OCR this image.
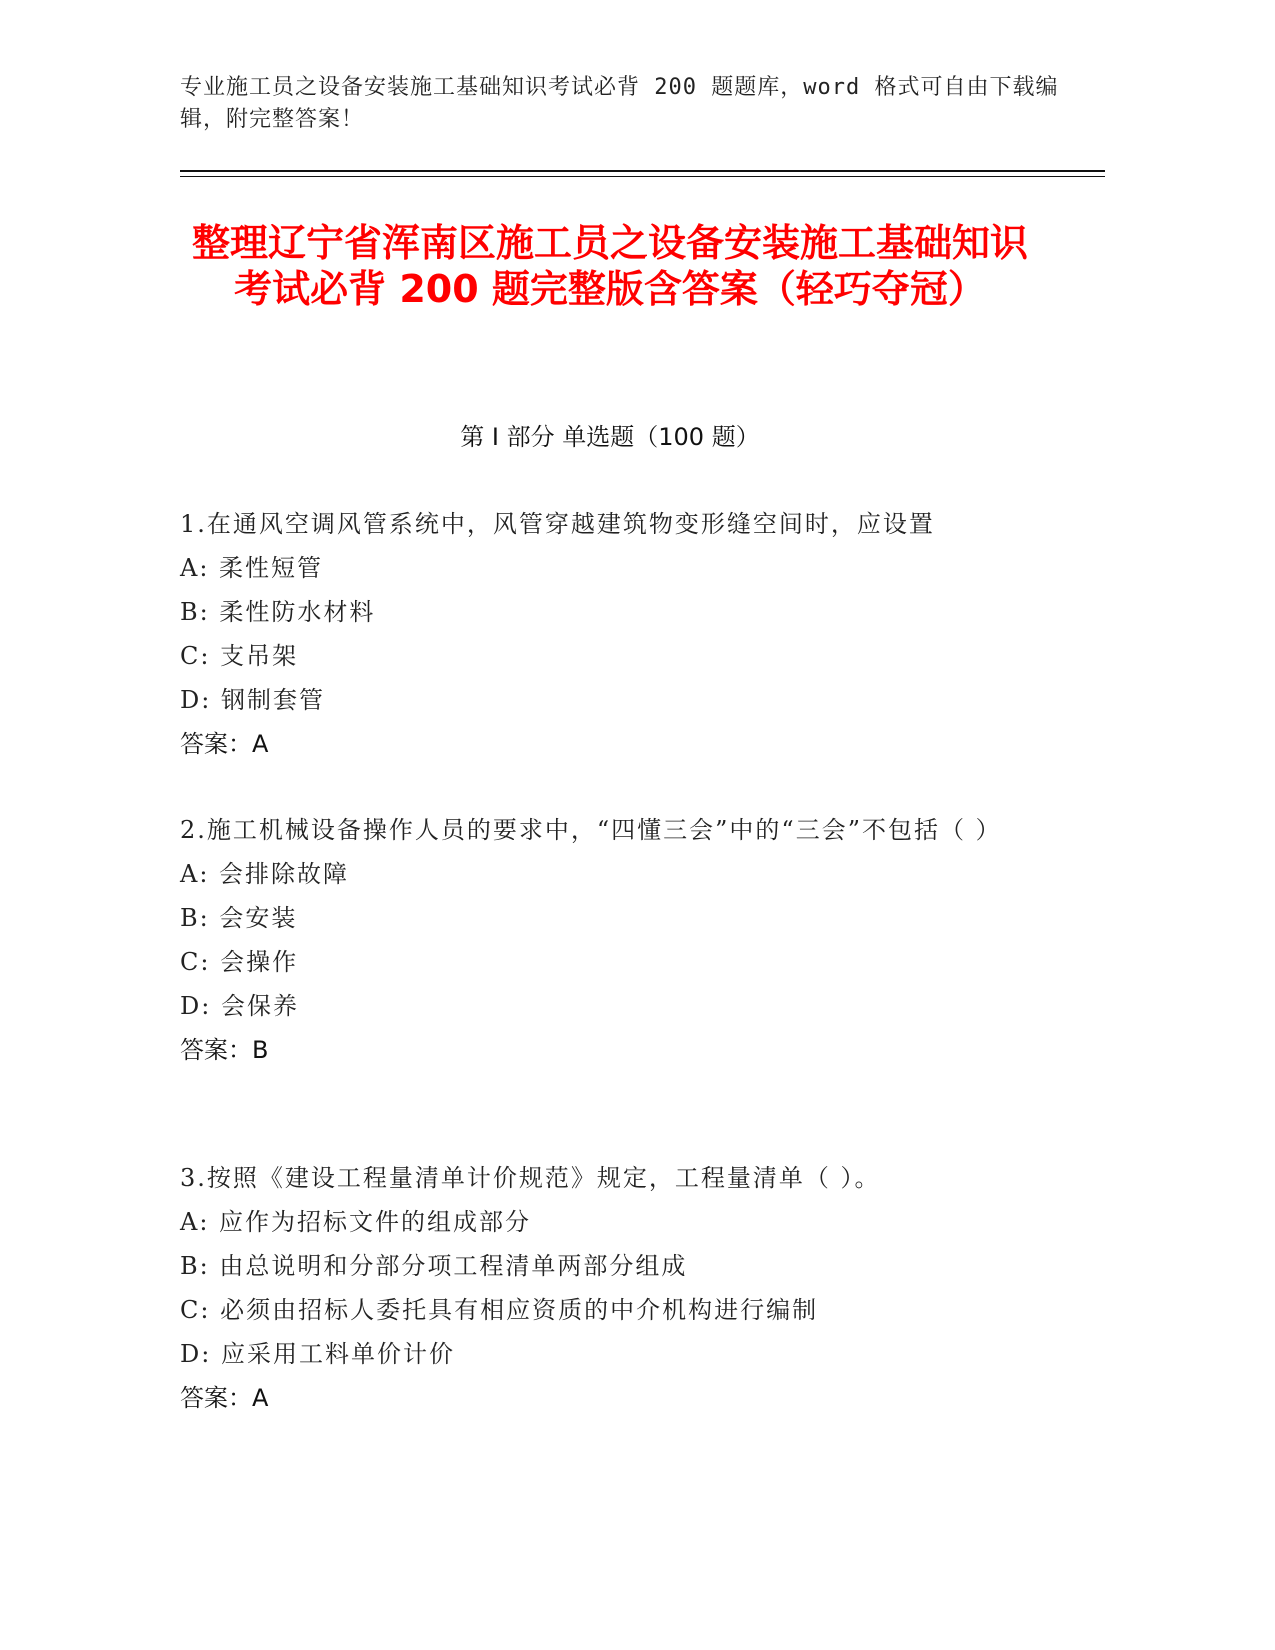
专业施工员之设备安装施工基础知识考试必背 200 题题库，word 格式可自由下载编辑，附完整答案！
整理辽宁省浑南区施工员之设备安装施工基础知识考试必背 200 题完整版含答案（轻巧夺冠）
第 I 部分 单选题（100 题）
1.在通风空调风管系统中，风管穿越建筑物变形缝空间时，应设置
A: 柔性短管
B: 柔性防水材料
C: 支吊架
D: 钢制套管
答案：A
2.施工机械设备操作人员的要求中，“四懂三会”中的“三会”不包括（ ）
A: 会排除故障
B: 会安装
C: 会操作
D: 会保养
答案：B
3.按照《建设工程量清单计价规范》规定，工程量清单（ ）。
A: 应作为招标文件的组成部分
B: 由总说明和分部分项工程清单两部分组成
C: 必须由招标人委托具有相应资质的中介机构进行编制
D: 应采用工料单价计价
答案：A
